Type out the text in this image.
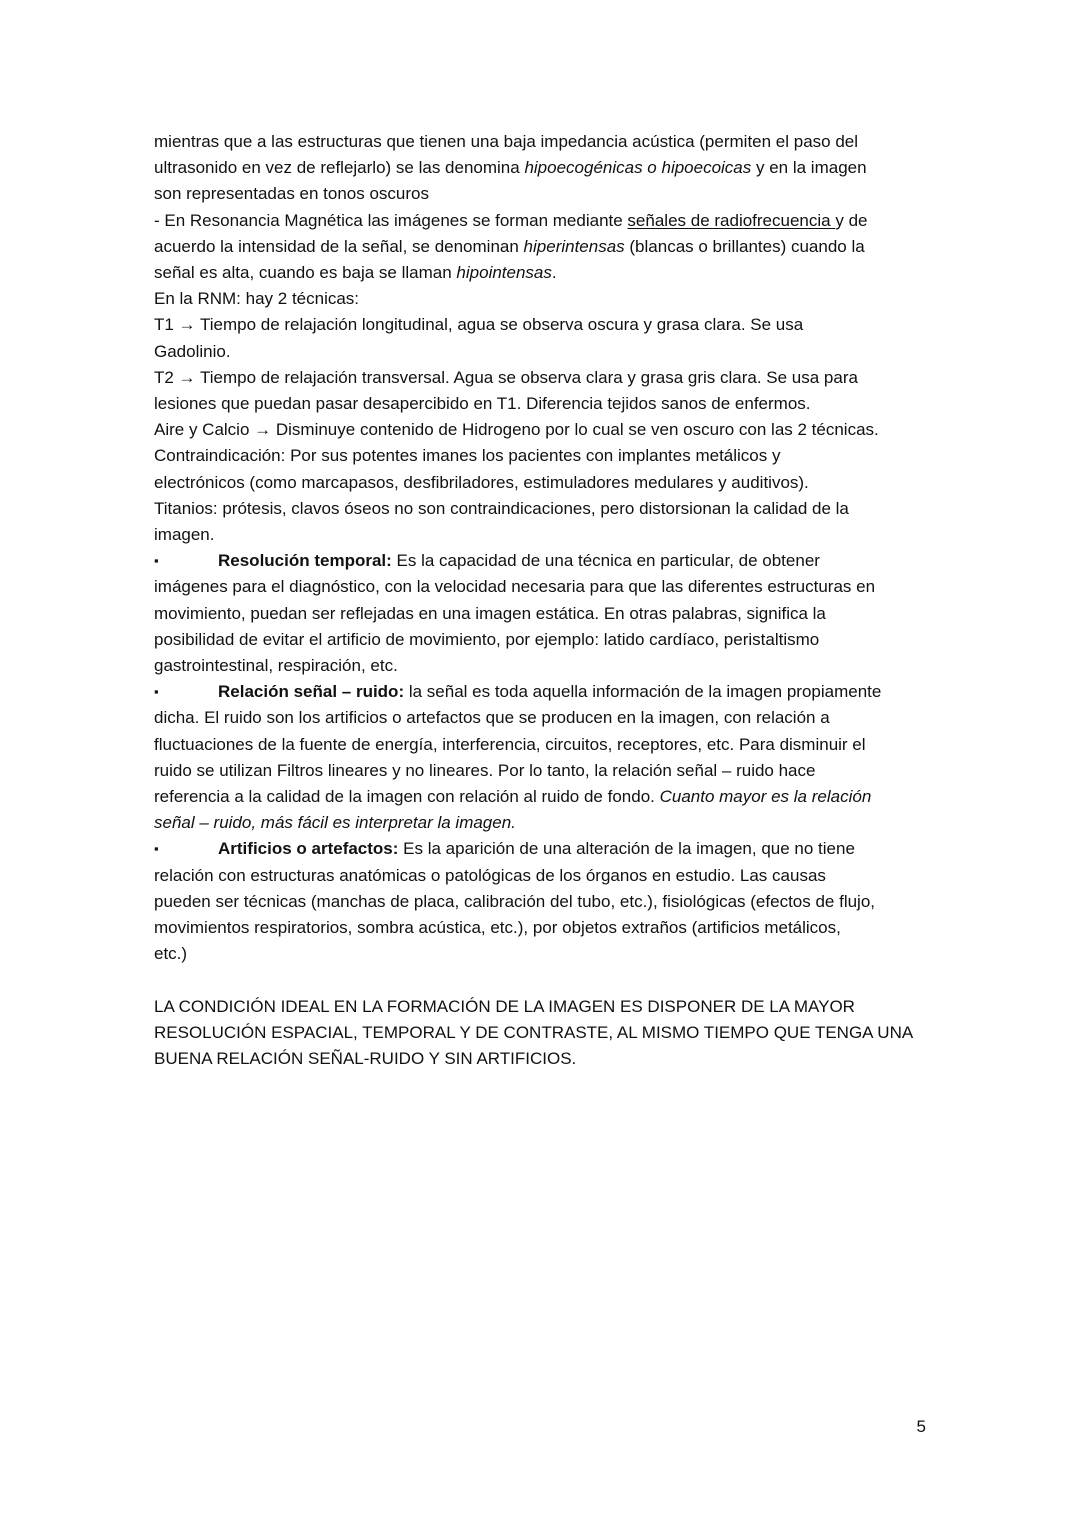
mientras que a las estructuras que tienen una baja impedancia acústica (permiten el paso del
ultrasonido en vez de reflejarlo) se las denomina hipoecogénicas o hipoecoicas y en la imagen
son representadas en tonos oscuros
- En Resonancia Magnética las imágenes se forman mediante señales de radiofrecuencia y de
acuerdo la intensidad de la señal, se denominan hiperintensas (blancas o brillantes) cuando la
señal es alta, cuando es baja se llaman hipointensas.
En la RNM: hay 2 técnicas:
T1 → Tiempo de relajación longitudinal, agua se observa oscura y grasa clara. Se usa
Gadolinio.
T2 → Tiempo de relajación transversal. Agua se observa clara y grasa gris clara. Se usa para
lesiones que puedan pasar desapercibido en T1. Diferencia tejidos sanos de enfermos.
Aire y Calcio → Disminuye contenido de Hidrogeno por lo cual se ven oscuro con las 2 técnicas.
Contraindicación: Por sus potentes imanes los pacientes con implantes metálicos y
electrónicos (como marcapasos, desfibriladores, estimuladores medulares y auditivos).
Titanios: prótesis, clavos óseos no son contraindicaciones, pero distorsionan la calidad de la
imagen.
▪	Resolución temporal: Es la capacidad de una técnica en particular, de obtener
imágenes para el diagnóstico, con la velocidad necesaria para que las diferentes estructuras en
movimiento, puedan ser reflejadas en una imagen estática. En otras palabras, significa la
posibilidad de evitar el artificio de movimiento, por ejemplo: latido cardíaco, peristaltismo
gastrointestinal, respiración, etc.
▪	Relación señal – ruido: la señal es toda aquella información de la imagen propiamente
dicha. El ruido son los artificios o artefactos que se producen en la imagen, con relación a
fluctuaciones de la fuente de energía, interferencia, circuitos, receptores, etc. Para disminuir el
ruido se utilizan Filtros lineares y no lineares. Por lo tanto, la relación señal – ruido hace
referencia a la calidad de la imagen con relación al ruido de fondo. Cuanto mayor es la relación
señal – ruido, más fácil es interpretar la imagen.
▪	Artificios o artefactos: Es la aparición de una alteración de la imagen, que no tiene
relación con estructuras anatómicas o patológicas de los órganos en estudio. Las causas
pueden ser técnicas (manchas de placa, calibración del tubo, etc.), fisiológicas (efectos de flujo,
movimientos respiratorios, sombra acústica, etc.), por objetos extraños (artificios metálicos,
etc.)
LA CONDICIÓN IDEAL EN LA FORMACIÓN DE LA IMAGEN ES DISPONER DE LA MAYOR
RESOLUCIÓN ESPACIAL, TEMPORAL Y DE CONTRASTE, AL MISMO TIEMPO QUE TENGA UNA
BUENA RELACIÓN SEÑAL-RUIDO Y SIN ARTIFICIOS.
5
